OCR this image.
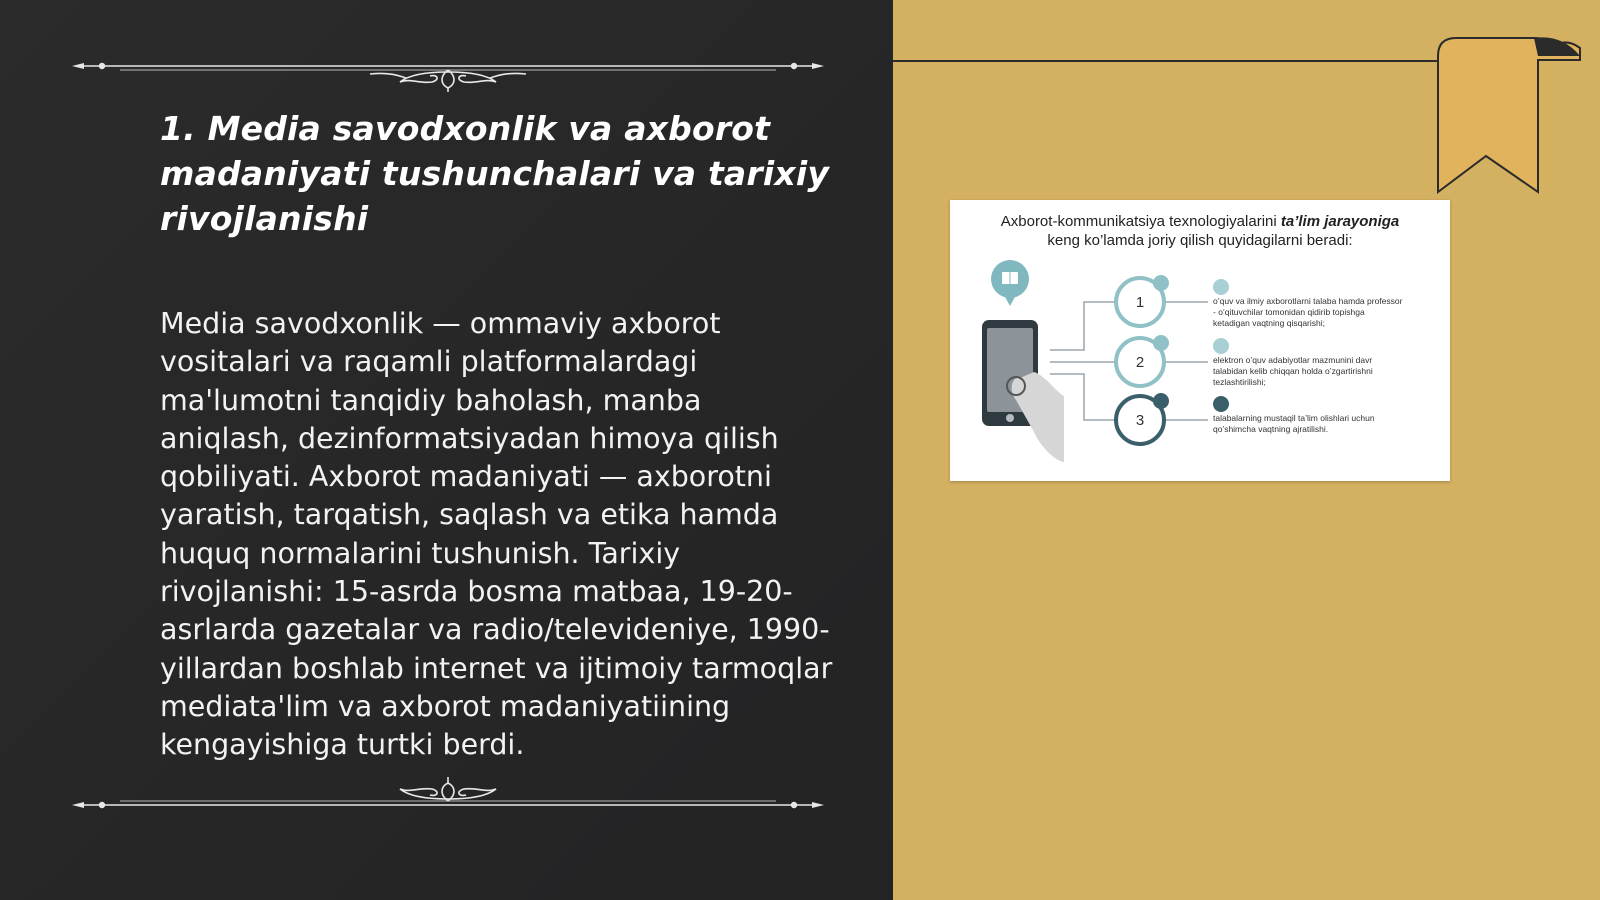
1. Media savodxonlik va axborot madaniyati tushunchalari va tarixiy rivojlanishi

Media savodxonlik — ommaviy axborot vositalari va raqamli platformalardagi ma'lumotni tanqidiy baholash, manba aniqlash, dezinformatsiyadan himoya qilish qobiliyati. Axborot madaniyati — axborotni yaratish, tarqatish, saqlash va etika hamda huquq normalarini tushunish. Tarixiy rivojlanishi: 15-asrda bosma matbaa, 19-20-asrlarda gazetalar va radio/televideniye, 1990-yillardan boshlab internet va ijtimoiy tarmoqlar mediata'lim va axborot madaniyatiining kengayishiga turtki berdi.

Axborot-kommunikatsiya texnologiyalarini ta’lim jarayoniga
keng ko’lamda joriy qilish quyidagilarni beradi:
1
2
3
o’quv va ilmiy axborotlarni talaba hamda professor - o’qituvchilar tomonidan qidirib topishga ketadigan vaqtning qisqarishi;
elektron o’quv adabiyotlar mazmunini davr talabidan kelib chiqqan holda o’zgartirishni tezlashtirilishi;
talabalarning mustaqil ta’lim olishlari uchun qo’shimcha vaqtning ajratilishi.
